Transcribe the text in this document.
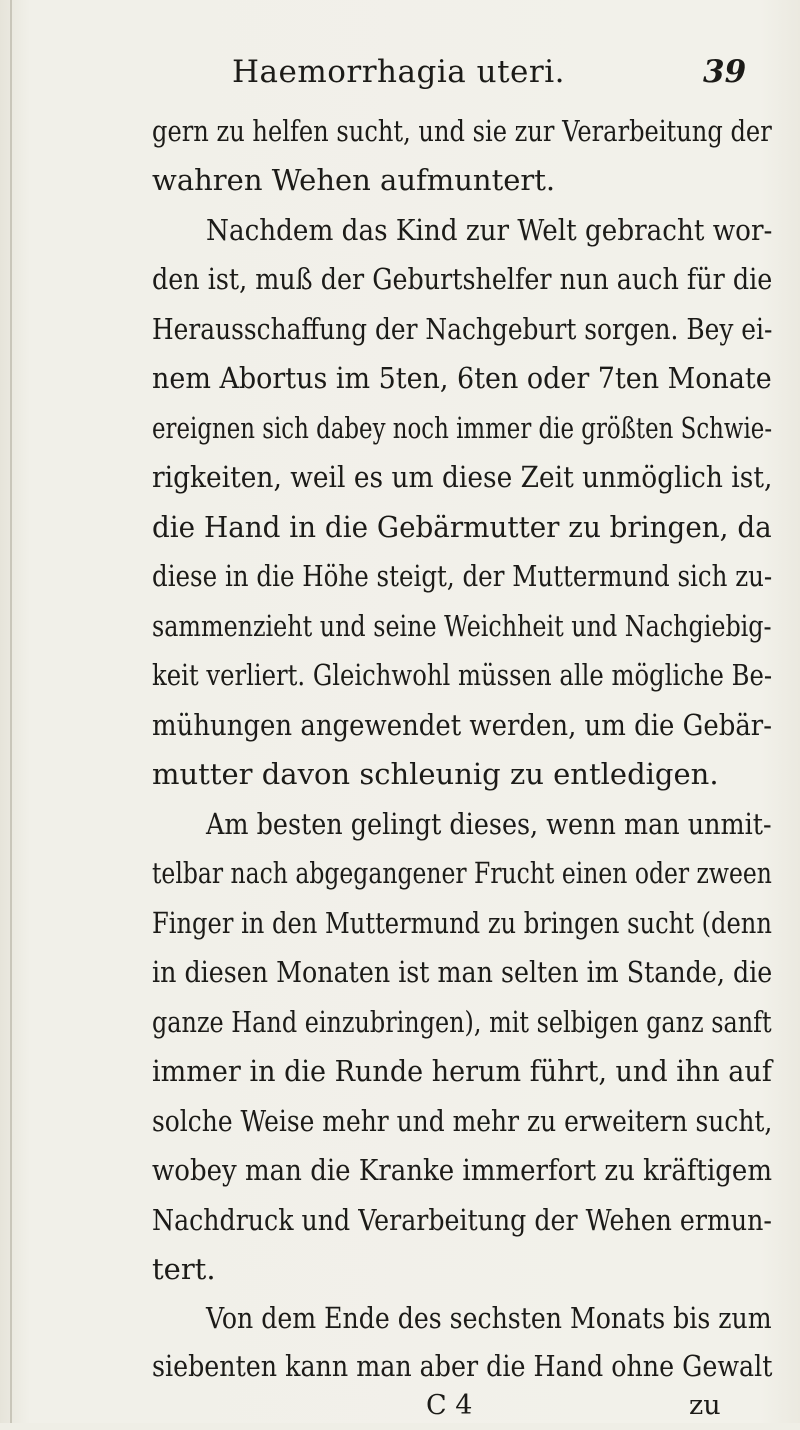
Haemorrhagia uteri.	39
gern zu helfen sucht, und sie zur Verarbeitung der
wahren Wehen aufmuntert.
Nachdem das Kind zur Welt gebracht wor-
den ist, muß der Geburtshelfer nun auch für die
Herausschaffung der Nachgeburt sorgen. Bey ei-
nem Abortus im 5ten, 6ten oder 7ten Monate
ereignen sich dabey noch immer die größten Schwie-
rigkeiten, weil es um diese Zeit unmöglich ist,
die Hand in die Gebärmutter zu bringen, da
diese in die Höhe steigt, der Muttermund sich zu-
sammenzieht und seine Weichheit und Nachgiebig-
keit verliert. Gleichwohl müssen alle mögliche Be-
mühungen angewendet werden, um die Gebär-
mutter davon schleunig zu entledigen.
Am besten gelingt dieses, wenn man unmit-
telbar nach abgegangener Frucht einen oder zween
Finger in den Muttermund zu bringen sucht (denn
in diesen Monaten ist man selten im Stande, die
ganze Hand einzubringen), mit selbigen ganz sanft
immer in die Runde herum führt, und ihn auf
solche Weise mehr und mehr zu erweitern sucht,
wobey man die Kranke immerfort zu kräftigem
Nachdruck und Verarbeitung der Wehen ermun-
tert.
Von dem Ende des sechsten Monats bis zum
siebenten kann man aber die Hand ohne Gewalt
C 4	zu
